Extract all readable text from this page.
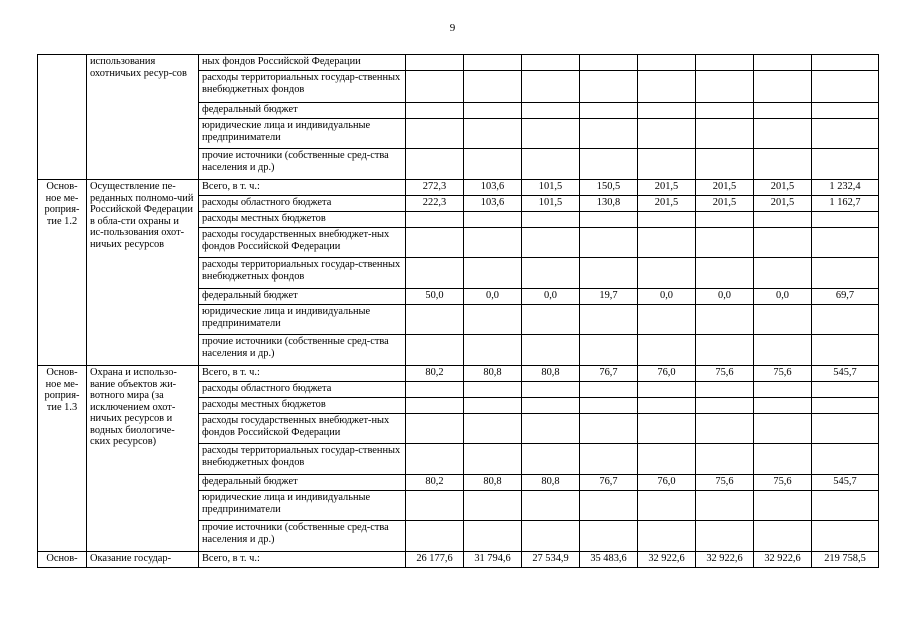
9
	использования охотничьих ресур-сов	ных фондов Российской Федерации								
		расходы территориальных государ-ственных внебюджетных фондов								
		федеральный бюджет								
		юридические лица и индивидуальные предприниматели								
		прочие источники (собственные сред-ства населения и др.)								
Основ-ное ме-роприя-тие 1.2	Осуществление пе-реданных полномо-чий Российской Федерации в обла-сти охраны и ис-пользования охот-ничьих ресурсов	Всего, в т. ч.:	272,3	103,6	101,5	150,5	201,5	201,5	201,5	1 232,4
		расходы областного бюджета	222,3	103,6	101,5	130,8	201,5	201,5	201,5	1 162,7
		расходы местных бюджетов								
		расходы государственных внебюджет-ных фондов Российской Федерации								
		расходы территориальных государ-ственных внебюджетных фондов								
		федеральный бюджет	50,0	0,0	0,0	19,7	0,0	0,0	0,0	69,7
		юридические лица и индивидуальные предприниматели								
		прочие источники (собственные сред-ства населения и др.)								
Основ-ное ме-роприя-тие 1.3	Охрана и использо-вание объектов жи-вотного мира (за исключением охот-ничьих ресурсов и водных биологиче-ских ресурсов)	Всего, в т. ч.:	80,2	80,8	80,8	76,7	76,0	75,6	75,6	545,7
		расходы областного бюджета								
		расходы местных бюджетов								
		расходы государственных внебюджет-ных фондов Российской Федерации								
		расходы территориальных государ-ственных внебюджетных фондов								
		федеральный бюджет	80,2	80,8	80,8	76,7	76,0	75,6	75,6	545,7
		юридические лица и индивидуальные предприниматели								
		прочие источники (собственные сред-ства населения и др.)								
Основ-	Оказание государ-	Всего, в т. ч.:	26 177,6	31 794,6	27 534,9	35 483,6	32 922,6	32 922,6	32 922,6	219 758,5
